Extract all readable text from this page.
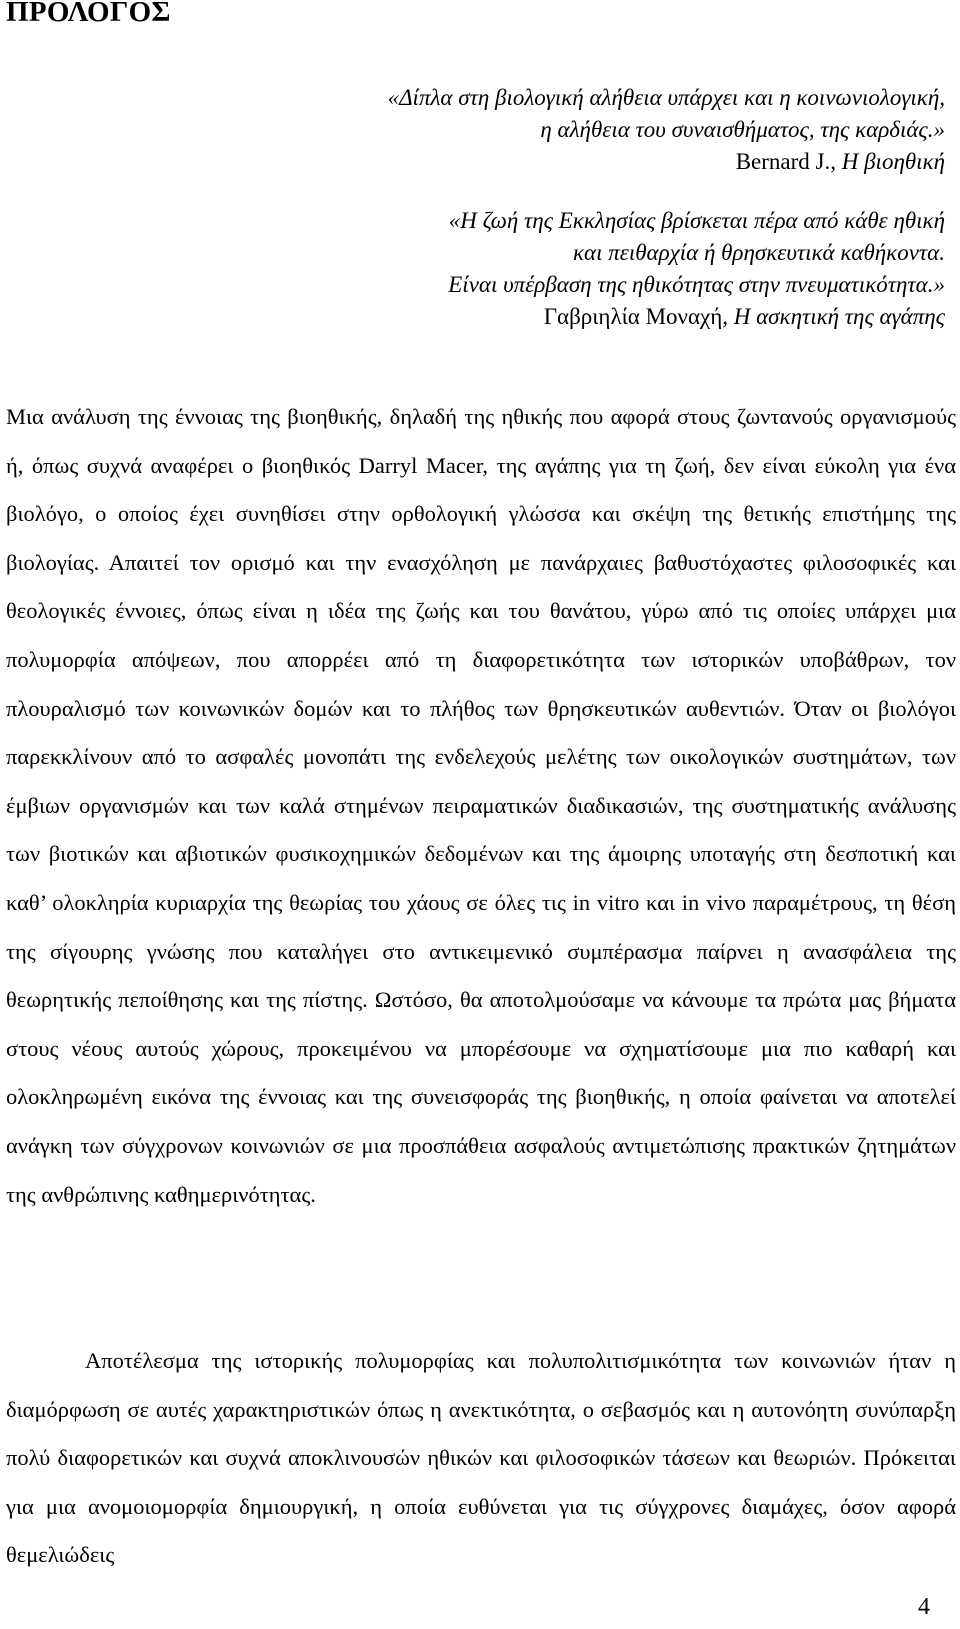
ΠΡΟΛΟΓΟΣ
«Δίπλα στη βιολογική αλήθεια υπάρχει και η κοινωνιολογική,
η αλήθεια του συναισθήματος, της καρδιάς.»
Bernard J., Η βιοηθική
«Η ζωή της Εκκλησίας βρίσκεται πέρα από κάθε ηθική
και πειθαρχία ή θρησκευτικά καθήκοντα.
Είναι υπέρβαση της ηθικότητας στην πνευματικότητα.»
Γαβριηλία Μοναχή, Η ασκητική της αγάπης

Μια ανάλυση της έννοιας της βιοηθικής, δηλαδή της ηθικής που αφορά στους ζωντανούς οργανισμούς ή, όπως συχνά αναφέρει ο βιοηθικός Darryl Macer, της αγάπης για τη ζωή, δεν είναι εύκολη για ένα βιολόγο, ο οποίος έχει συνηθίσει στην ορθολογική γλώσσα και σκέψη της θετικής επιστήμης της βιολογίας. Απαιτεί τον ορισμό και την ενασχόληση με πανάρχαιες βαθυστόχαστες φιλοσοφικές και θεολογικές έννοιες, όπως είναι η ιδέα της ζωής και του θανάτου, γύρω από τις οποίες υπάρχει μια πολυμορφία απόψεων, που απορρέει από τη διαφορετικότητα των ιστορικών υποβάθρων, τον πλουραλισμό των κοινωνικών δομών και το πλήθος των θρησκευτικών αυθεντιών. Όταν οι βιολόγοι παρεκκλίνουν από το ασφαλές μονοπάτι της ενδελεχούς μελέτης των οικολογικών συστημάτων, των έμβιων οργανισμών και των καλά στημένων πειραματικών διαδικασιών, της συστηματικής ανάλυσης των βιοτικών και αβιοτικών φυσικοχημικών δεδομένων και της άμοιρης υποταγής στη δεσποτική και καθ’ ολοκληρία κυριαρχία της θεωρίας του χάους σε όλες τις in vitro και in vivo παραμέτρους, τη θέση της σίγουρης γνώσης που καταλήγει στο αντικειμενικό συμπέρασμα παίρνει η ανασφάλεια της θεωρητικής πεποίθησης και της πίστης. Ωστόσο, θα αποτολμούσαμε να κάνουμε τα πρώτα μας βήματα στους νέους αυτούς χώρους, προκειμένου να μπορέσουμε να σχηματίσουμε μια πιο καθαρή και ολοκληρωμένη εικόνα της έννοιας και της συνεισφοράς της βιοηθικής, η οποία φαίνεται να αποτελεί ανάγκη των σύγχρονων κοινωνιών σε μια προσπάθεια ασφαλούς αντιμετώπισης πρακτικών ζητημάτων της ανθρώπινης καθημερινότητας.

Αποτέλεσμα της ιστορικής πολυμορφίας και πολυπολιτισμικότητα των κοινωνιών ήταν η διαμόρφωση σε αυτές χαρακτηριστικών όπως η ανεκτικότητα, ο σεβασμός και η αυτονόητη συνύπαρξη πολύ διαφορετικών και συχνά αποκλινουσών ηθικών και φιλοσοφικών τάσεων και θεωριών. Πρόκειται για μια ανομοιομορφία δημιουργική, η οποία ευθύνεται για τις σύγχρονες διαμάχες, όσον αφορά θεμελιώδεις

4
